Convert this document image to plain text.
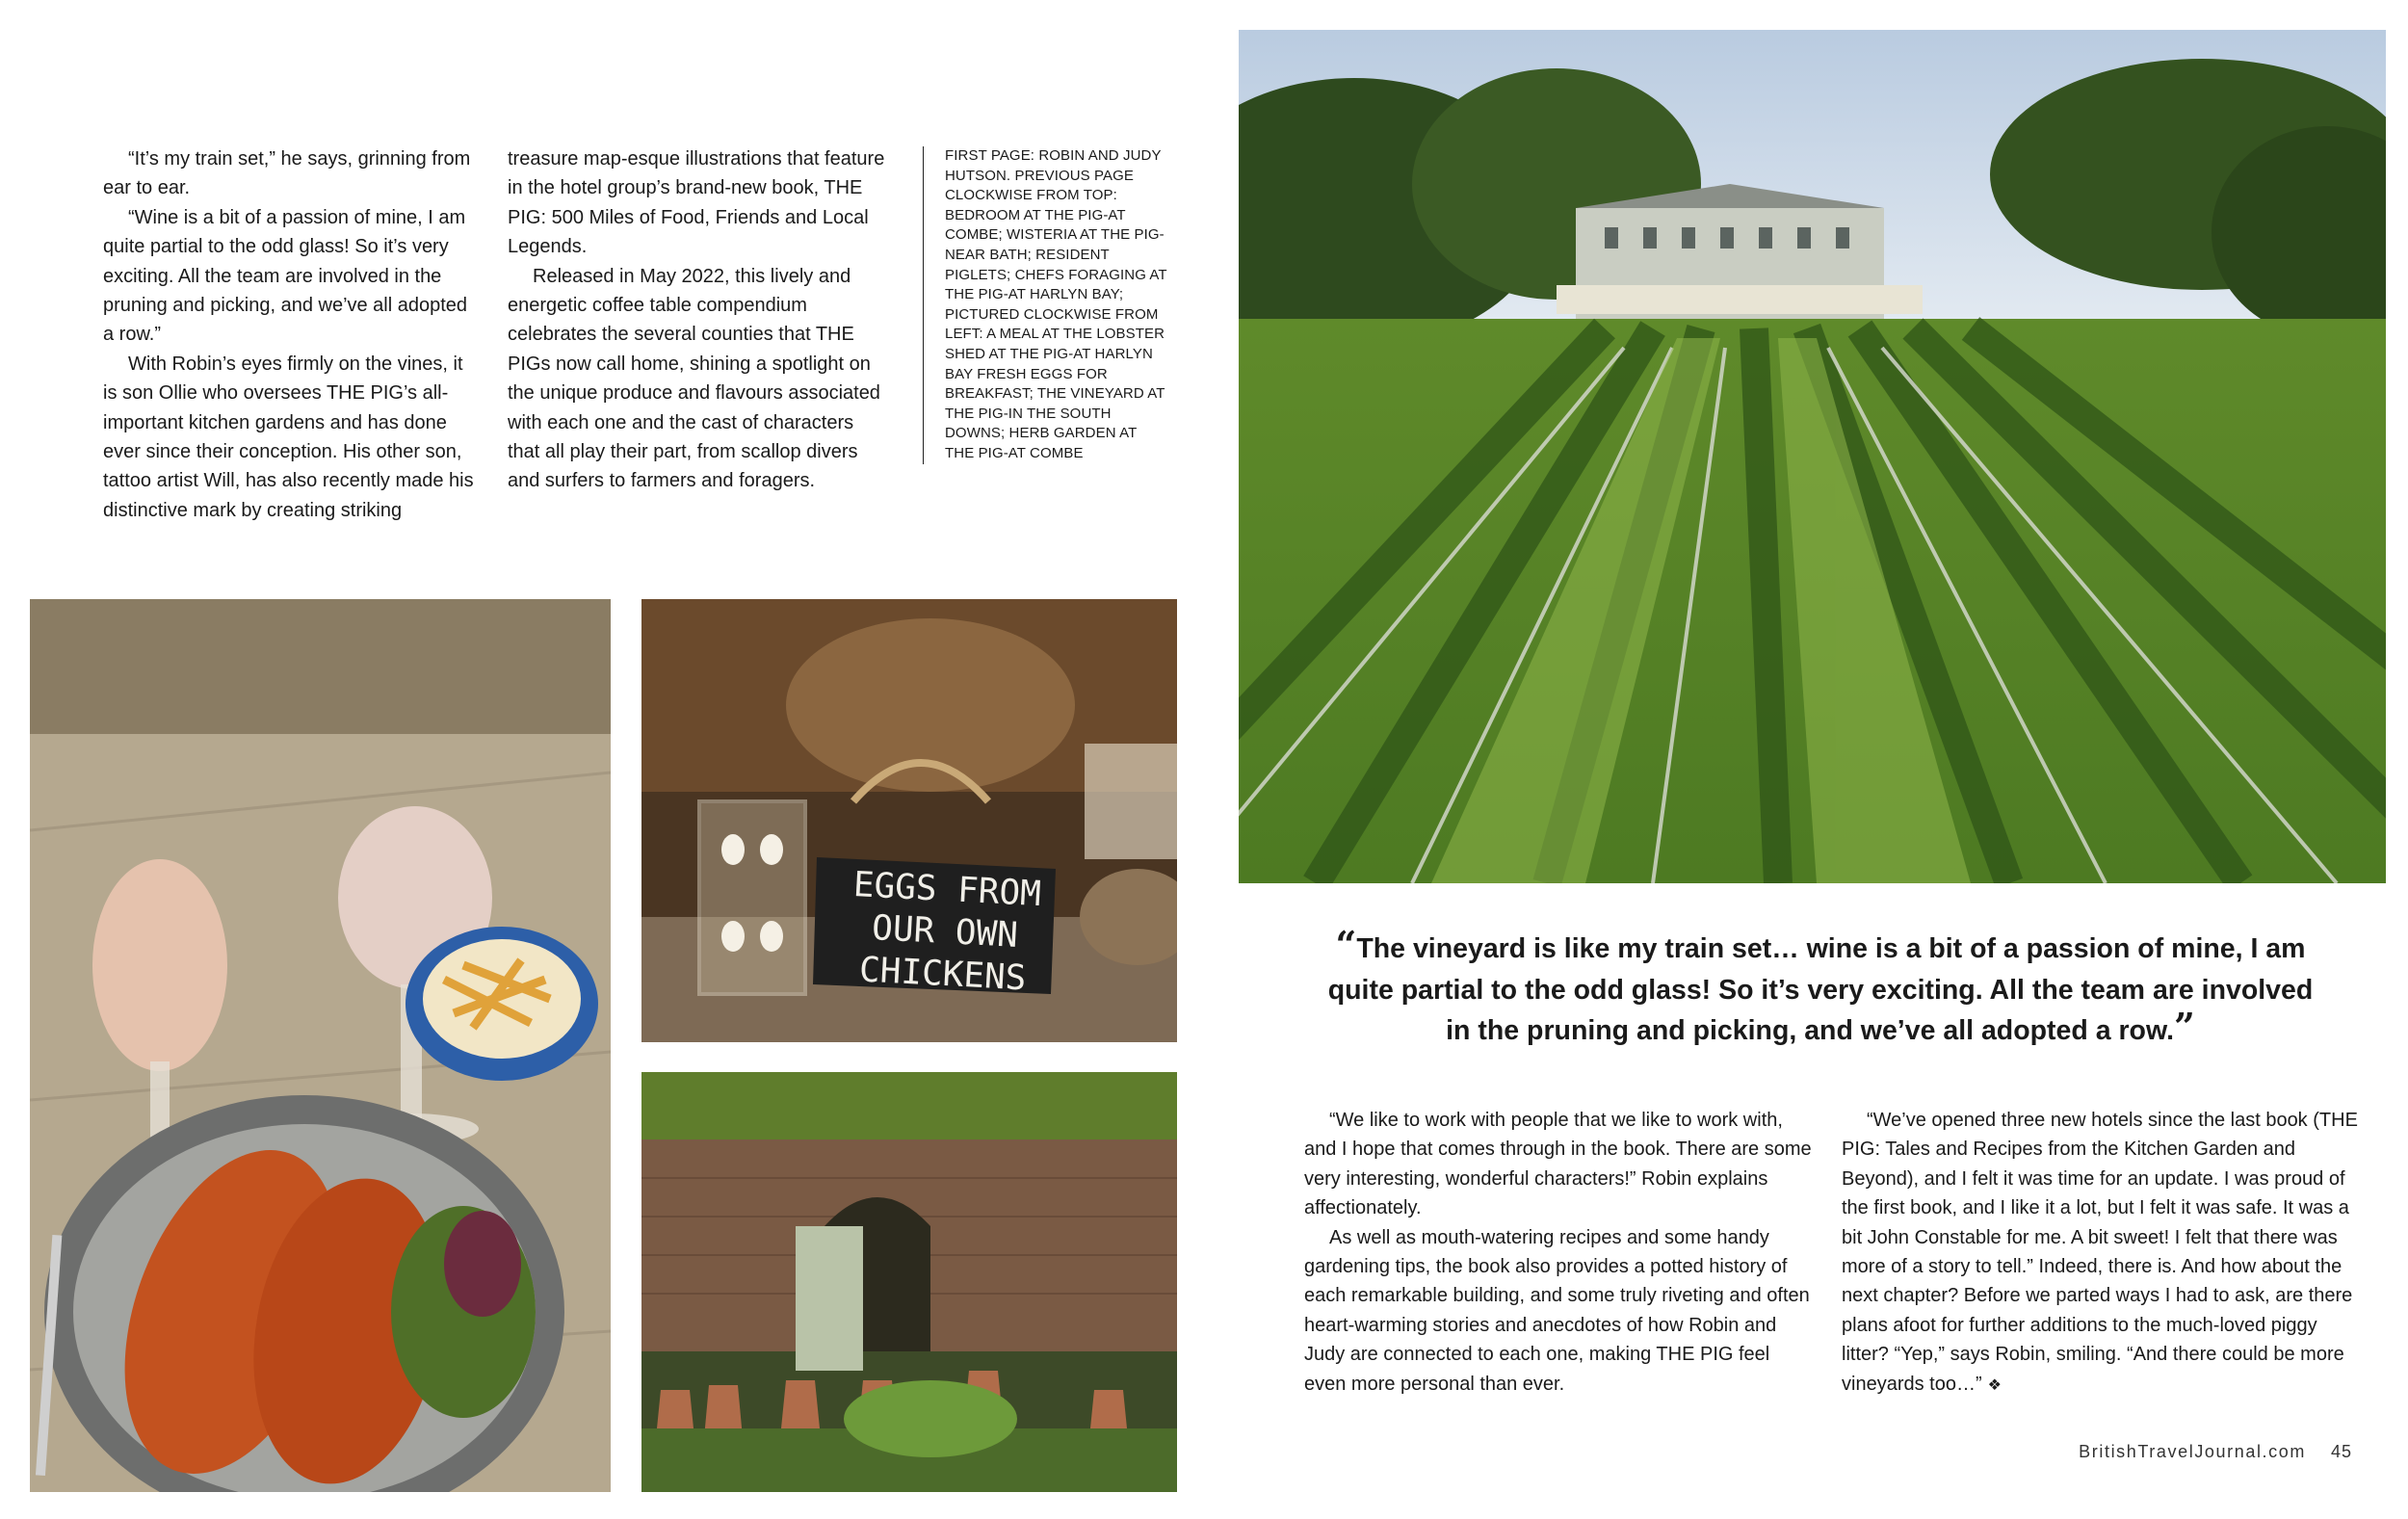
“It’s my train set,” he says, grinning from ear to ear.

“Wine is a bit of a passion of mine, I am quite partial to the odd glass! So it’s very exciting. All the team are involved in the pruning and picking, and we’ve all adopted a row.”

With Robin’s eyes firmly on the vines, it is son Ollie who oversees THE PIG’s all-important kitchen gardens and has done ever since their conception. His other son, tattoo artist Will, has also recently made his distinctive mark by creating striking

treasure map-esque illustrations that feature in the hotel group’s brand-new book, THE PIG: 500 Miles of Food, Friends and Local Legends.

Released in May 2022, this lively and energetic coffee table compendium celebrates the several counties that THE PIGs now call home, shining a spotlight on the unique produce and flavours associated with each one and the cast of characters that all play their part, from scallop divers and surfers to farmers and foragers.

FIRST PAGE: ROBIN AND JUDY HUTSON. PREVIOUS PAGE CLOCKWISE FROM TOP: BEDROOM AT THE PIG-AT COMBE; WISTERIA AT THE PIG-NEAR BATH; RESIDENT PIGLETS; CHEFS FORAGING AT THE PIG-AT HARLYN BAY; PICTURED CLOCKWISE FROM LEFT: A MEAL AT THE LOBSTER SHED AT THE PIG-AT HARLYN BAY FRESH EGGS FOR BREAKFAST; THE VINEYARD AT THE PIG-IN THE SOUTH DOWNS; HERB GARDEN AT THE PIG-AT COMBE
EGGS FROM
OUR OWN
CHICKENS
“The vineyard is like my train set… wine is a bit of a passion of mine, I am quite partial to the odd glass! So it’s very exciting. All the team are involved in the pruning and picking, and we’ve all adopted a row.”

“We like to work with people that we like to work with, and I hope that comes through in the book. There are some very interesting, wonderful characters!” Robin explains affectionately.

As well as mouth-watering recipes and some handy gardening tips, the book also provides a potted history of each remarkable building, and some truly riveting and often heart-warming stories and anecdotes of how Robin and Judy are connected to each one, making THE PIG feel even more personal than ever.

“We’ve opened three new hotels since the last book (THE PIG: Tales and Recipes from the Kitchen Garden and Beyond), and I felt it was time for an update. I was proud of the first book, and I like it a lot, but I felt it was safe. It was a bit John Constable for me. A bit sweet! I felt that there was more of a story to tell.” Indeed, there is. And how about the next chapter? Before we parted ways I had to ask, are there plans afoot for further additions to the much-loved piggy litter? “Yep,” says Robin, smiling. “And there could be more vineyards too…” ❖

BritishTravelJournal.com 45
